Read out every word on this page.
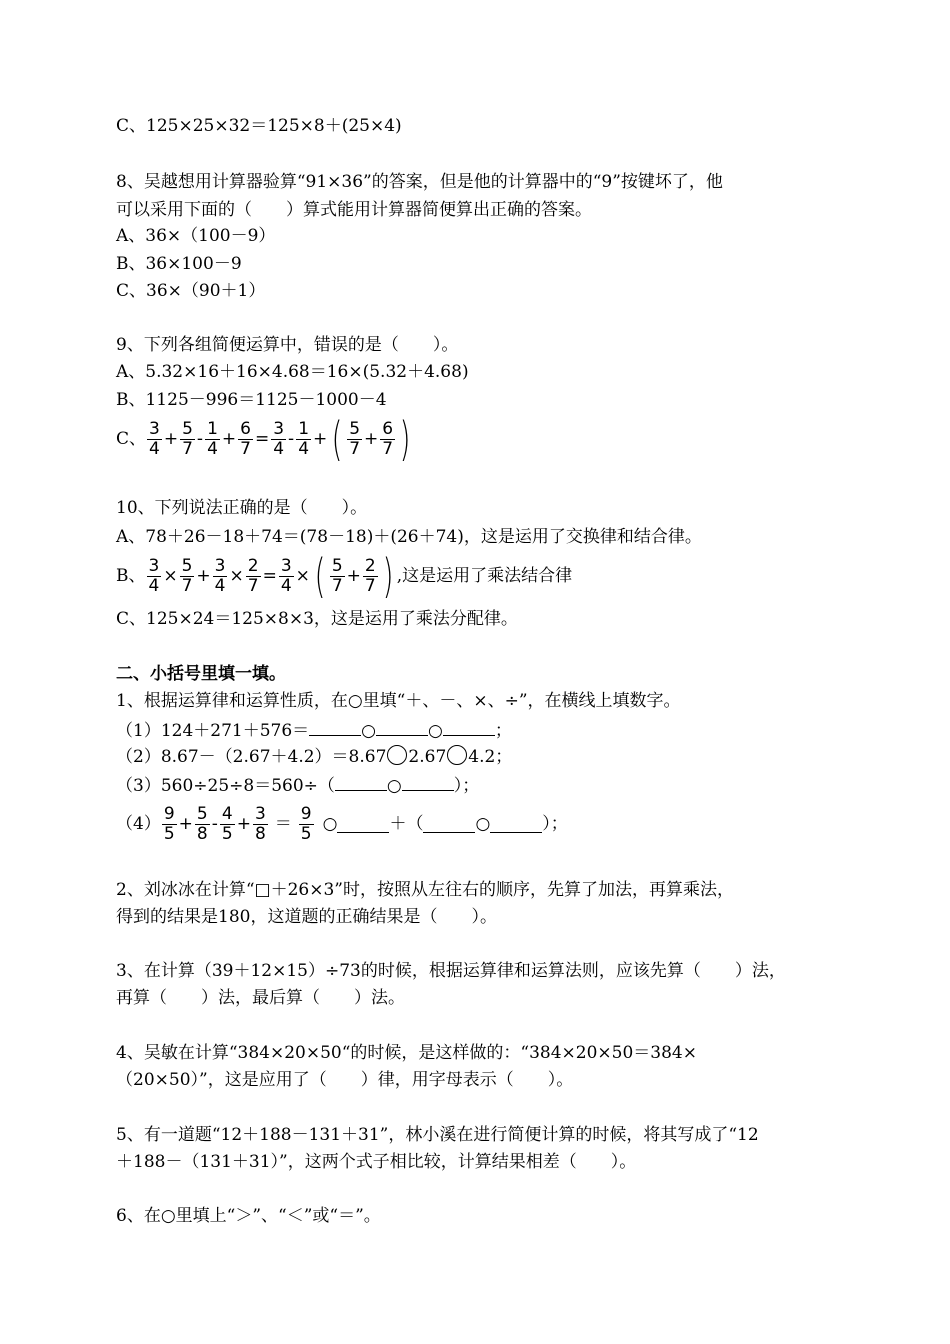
C、125×25×32＝125×8＋(25×4)
8、吴越想用计算器验算“91×36”的答案，但是他的计算器中的“9”按键坏了，他
可以采用下面的（　　）算式能用计算器简便算出正确的答案。
A、36×（100－9）
B、36×100－9
C、36×（90＋1）
9、下列各组简便运算中，错误的是（　　）。
A、5.32×16＋16×4.68＝16×(5.32＋4.68)
B、1125－996＝1125－1000－4
C、 $\frac{3}{4} + \frac{5}{7} - \frac{1}{4} + \frac{6}{7} = \frac{3}{4} - \frac{1}{4}$ + ( $\frac{5}{7} + \frac{6}{7}$ )
10、下列说法正确的是（　　）。
A、78＋26－18＋74＝(78－18)＋(26＋74)，这是运用了交换律和结合律。
B、 $\frac{3}{4} \times \frac{5}{7} + \frac{3}{4} \times \frac{2}{7} = \frac{3}{4}$ × ( $\frac{5}{7} + \frac{2}{7}$ ) ,这是运用了乘法结合律
C、125×24＝125×8×3，这是运用了乘法分配律。
二、小括号里填一填。
1、根据运算律和运算性质，在○里填“＋、－、×、÷”，在横线上填数字。
（1）124＋271＋576＝	○	○	；
（2）8.67－（2.67＋4.2）＝8.67 2.67 4.2；
（3）560÷25÷8＝560÷（	○	）；
$(4) \frac{9}{5} + \frac{5}{8} - \frac{4}{5} + \frac{3}{8} = \frac{9}{5}$ ○	＋（	○	）；
2、刘冰冰在计算“□＋26×3”时，按照从左往右的顺序，先算了加法，再算乘法，
得到的结果是180，这道题的正确结果是（　　）。
3、在计算（39＋12×15）÷73的时候，根据运算律和运算法则，应该先算（　　）法，
再算（　　）法，最后算（　　）法。
4、吴敏在计算“384×20×50“的时候，是这样做的：“384×20×50＝384×
（20×50）”，这是应用了（　　）律，用字母表示（　　）。
5、有一道题“12＋188－131＋31”，林小溪在进行简便计算的时候，将其写成了“12
＋188－（131＋31）”，这两个式子相比较，计算结果相差（　　）。
6、在○里填上“＞”、“＜”或“＝”。
